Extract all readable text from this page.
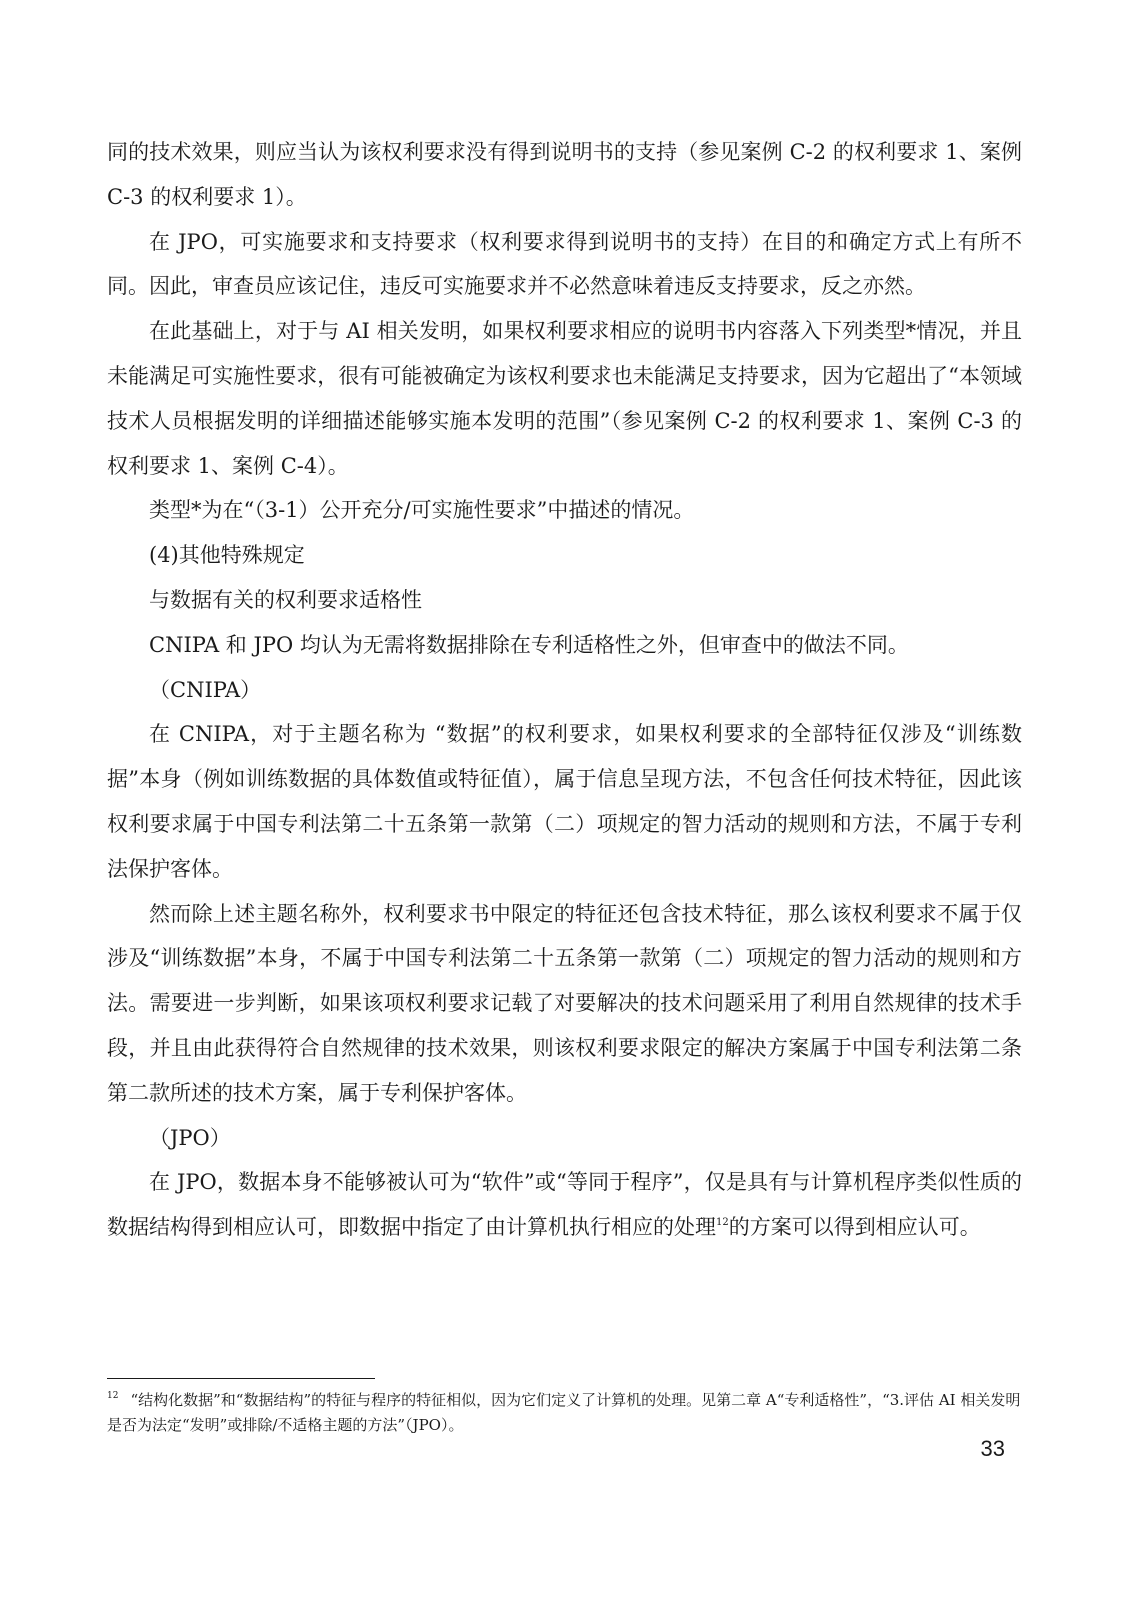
同的技术效果，则应当认为该权利要求没有得到说明书的支持（参见案例 C-2 的权利要求 1、案例 C-3 的权利要求 1）。

在 JPO，可实施要求和支持要求（权利要求得到说明书的支持）在目的和确定方式上有所不同。因此，审查员应该记住，违反可实施要求并不必然意味着违反支持要求，反之亦然。

在此基础上，对于与 AI 相关发明，如果权利要求相应的说明书内容落入下列类型*情况，并且未能满足可实施性要求，很有可能被确定为该权利要求也未能满足支持要求，因为它超出了“本领域技术人员根据发明的详细描述能够实施本发明的范围”（参见案例 C-2 的权利要求 1、案例 C-3 的权利要求 1、案例 C-4）。

类型*为在“（3-1）公开充分/可实施性要求”中描述的情况。

(4)其他特殊规定

与数据有关的权利要求适格性

CNIPA 和 JPO 均认为无需将数据排除在专利适格性之外，但审查中的做法不同。

（CNIPA）

在 CNIPA，对于主题名称为 “数据”的权利要求，如果权利要求的全部特征仅涉及“训练数据”本身（例如训练数据的具体数值或特征值），属于信息呈现方法，不包含任何技术特征，因此该权利要求属于中国专利法第二十五条第一款第（二）项规定的智力活动的规则和方法，不属于专利法保护客体。

然而除上述主题名称外，权利要求书中限定的特征还包含技术特征，那么该权利要求不属于仅涉及“训练数据”本身，不属于中国专利法第二十五条第一款第（二）项规定的智力活动的规则和方法。需要进一步判断，如果该项权利要求记载了对要解决的技术问题采用了利用自然规律的技术手段，并且由此获得符合自然规律的技术效果，则该权利要求限定的解决方案属于中国专利法第二条第二款所述的技术方案，属于专利保护客体。

（JPO）

在 JPO，数据本身不能够被认可为“软件”或“等同于程序”，仅是具有与计算机程序类似性质的数据结构得到相应认可，即数据中指定了由计算机执行相应的处理$^{12}$的方案可以得到相应认可。

$^{12}$ “结构化数据”和“数据结构”的特征与程序的特征相似，因为它们定义了计算机的处理。见第二章 A“专利适格性”，“3.评估 AI 相关发明是否为法定“发明”或排除/不适格主题的方法”（JPO）。
33
